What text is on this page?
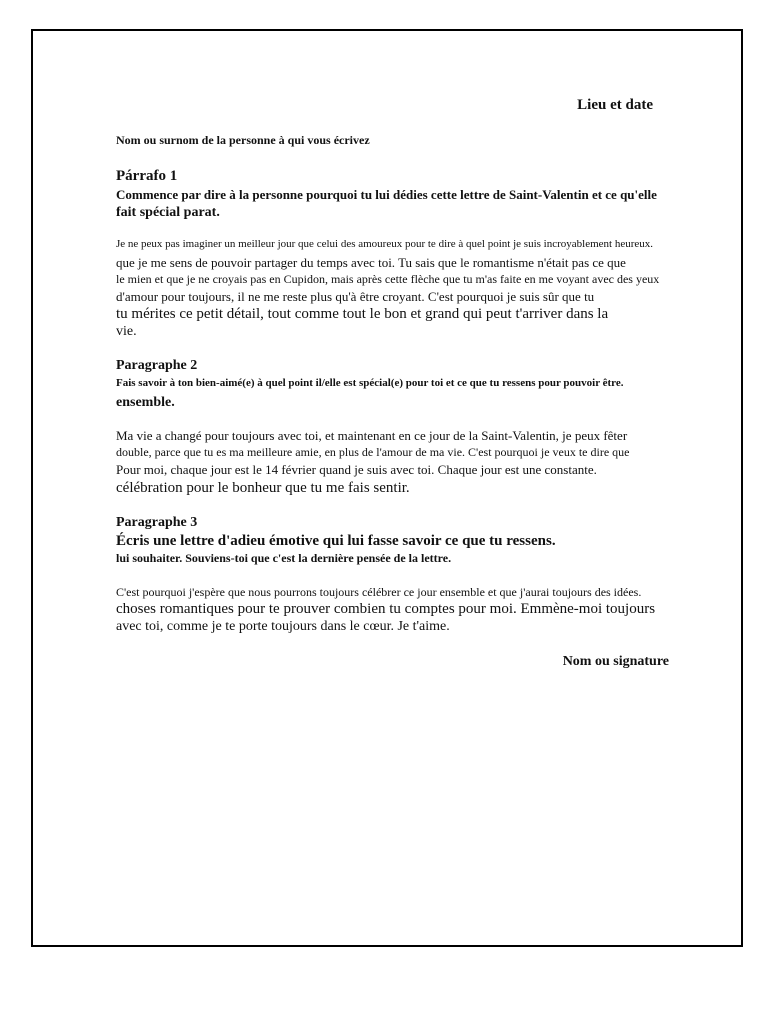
Lieu et date
Nom ou surnom de la personne à qui vous écrivez
Párrafo 1
Commence par dire à la personne pourquoi tu lui dédies cette lettre de Saint-Valentin et ce qu'elle
fait spécial parat.
Je ne peux pas imaginer un meilleur jour que celui des amoureux pour te dire à quel point je suis incroyablement heureux.
que je me sens de pouvoir partager du temps avec toi. Tu sais que le romantisme n'était pas ce que
le mien et que je ne croyais pas en Cupidon, mais après cette flèche que tu m'as faite en me voyant avec des yeux
d'amour pour toujours, il ne me reste plus qu'à être croyant. C'est pourquoi je suis sûr que tu
tu mérites ce petit détail, tout comme tout le bon et grand qui peut t'arriver dans la
vie.
Paragraphe 2
Fais savoir à ton bien-aimé(e) à quel point il/elle est spécial(e) pour toi et ce que tu ressens pour pouvoir être.
ensemble.
Ma vie a changé pour toujours avec toi, et maintenant en ce jour de la Saint-Valentin, je peux fêter
double, parce que tu es ma meilleure amie, en plus de l'amour de ma vie. C'est pourquoi je veux te dire que
Pour moi, chaque jour est le 14 février quand je suis avec toi. Chaque jour est une constante.
célébration pour le bonheur que tu me fais sentir.
Paragraphe 3
Écris une lettre d'adieu émotive qui lui fasse savoir ce que tu ressens.
lui souhaiter. Souviens-toi que c'est la dernière pensée de la lettre.
C'est pourquoi j'espère que nous pourrons toujours célébrer ce jour ensemble et que j'aurai toujours des idées.
choses romantiques pour te prouver combien tu comptes pour moi. Emmène-moi toujours
avec toi, comme je te porte toujours dans le cœur. Je t'aime.
Nom ou signature
